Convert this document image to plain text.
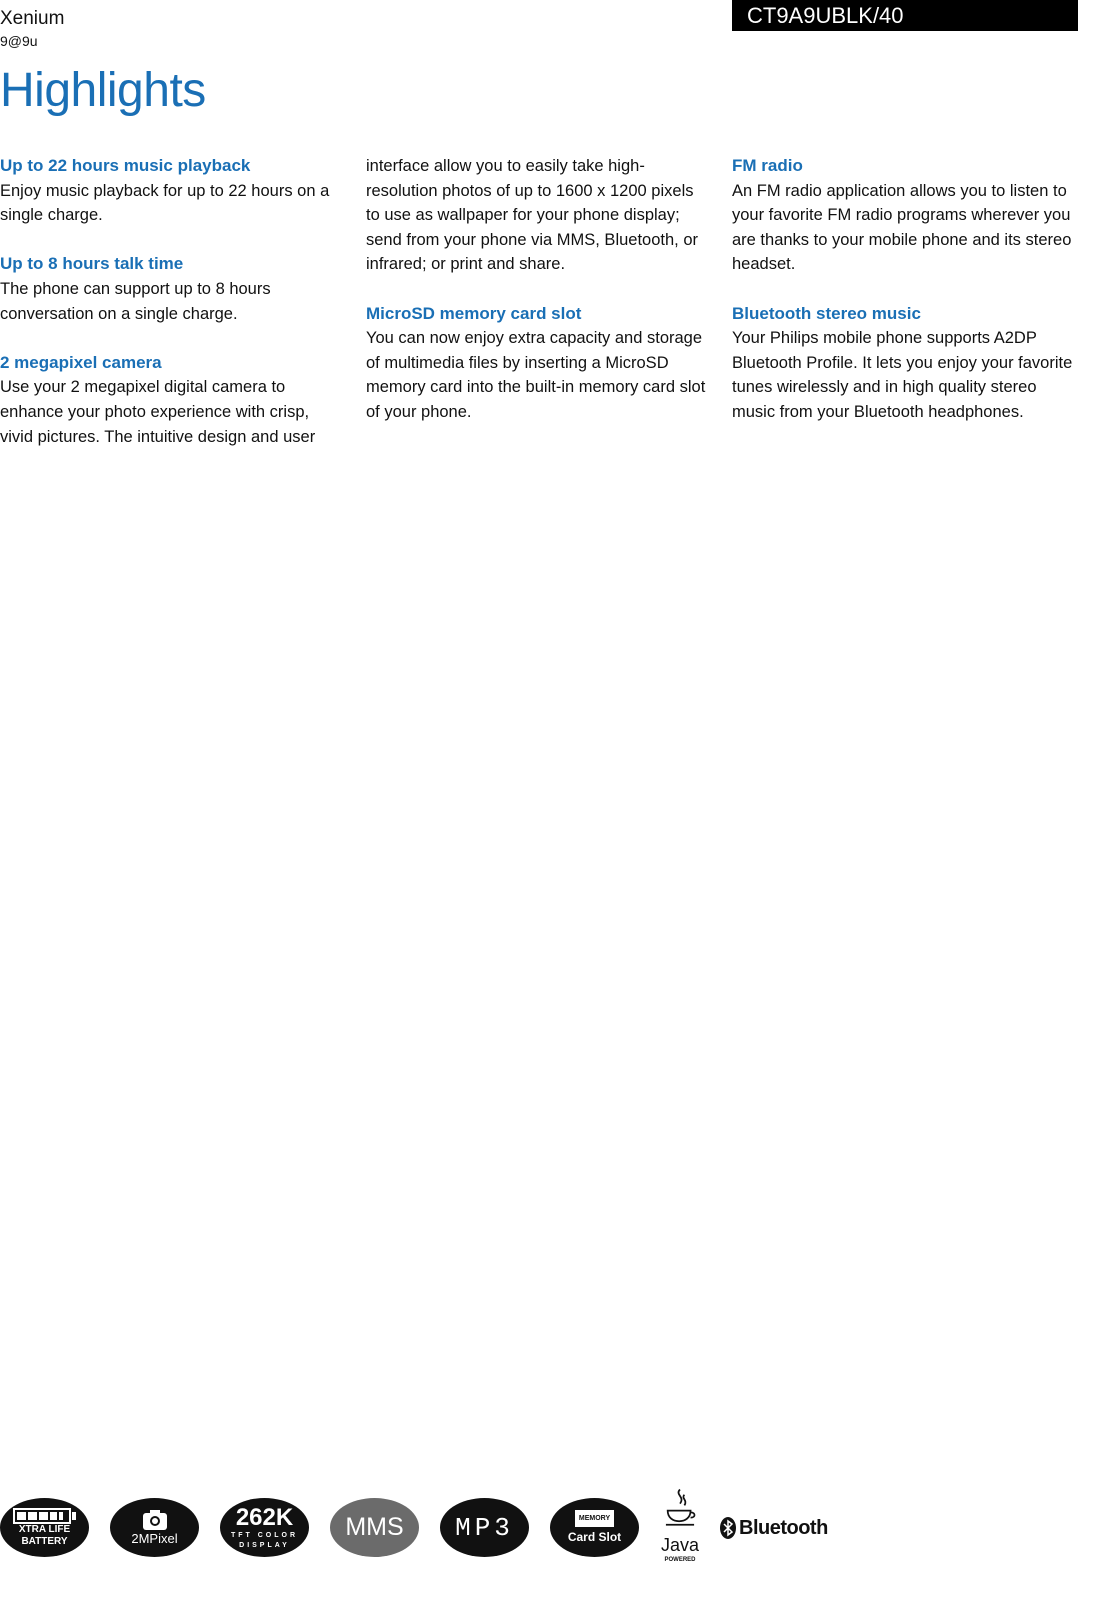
Xenium
9@9u
CT9A9UBLK/40
Highlights
Up to 22 hours music playback

Enjoy music playback for up to 22 hours on a single charge.

Up to 8 hours talk time

The phone can support up to 8 hours conversation on a single charge.

2 megapixel camera

Use your 2 megapixel digital camera to enhance your photo experience with crisp, vivid pictures. The intuitive design and user

interface allow you to easily take high-resolution photos of up to 1600 x 1200 pixels to use as wallpaper for your phone display; send from your phone via MMS, Bluetooth, or infrared; or print and share.

MicroSD memory card slot

You can now enjoy extra capacity and storage of multimedia files by inserting a MicroSD memory card into the built-in memory card slot of your phone.

FM radio

An FM radio application allows you to listen to your favorite FM radio programs wherever you are thanks to your mobile phone and its stereo headset.

Bluetooth stereo music

Your Philips mobile phone supports A2DP Bluetooth Profile. It lets you enjoy your favorite tunes wirelessly and in high quality stereo music from your Bluetooth headphones.

XTRA LIFE
BATTERY	2MPixel
262K
TFT COLOR
DISPLAY
MMS MP3	MEMORY
Card Slot Java
POWERED
Bluetooth
